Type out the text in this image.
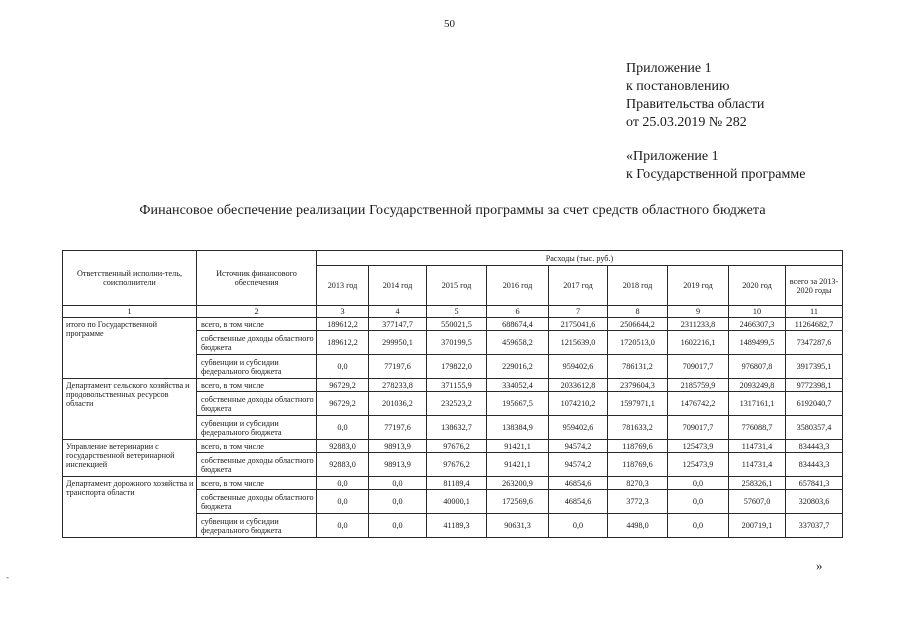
50
Приложение 1
к постановлению
Правительства области
от 25.03.2019 № 282
«Приложение 1
к Государственной программе
Финансовое обеспечение реализации Государственной программы за счет средств областного бюджета
Ответственный исполни-тель, соисполнители	Источник финансового обеспечения	Расходы (тыс. руб.)								
		2013 год	2014 год	2015 год	2016 год	2017 год	2018 год	2019 год	2020 год	всего за 2013-2020 годы
1	2	3	4	5	6	7	8	9	10	11
итого по Государственной программе	всего, в том числе	189612,2	377147,7	550021,5	688674,4	2175041,6	2506644,2	2311233,8	2466307,3	11264682,7
	собственные доходы областного бюджета	189612,2	299950,1	370199,5	459658,2	1215639,0	1720513,0	1602216,1	1489499,5	7347287,6
	субвенции и субсидии федерального бюджета	0,0	77197,6	179822,0	229016,2	959402,6	786131,2	709017,7	976807,8	3917395,1
Департамент сельского хозяйства и продовольственных ресурсов области	всего, в том числе	96729,2	278233,8	371155,9	334052,4	2033612,8	2379604,3	2185759,9	2093249,8	9772398,1
	собственные доходы областного бюджета	96729,2	201036,2	232523,2	195667,5	1074210,2	1597971,1	1476742,2	1317161,1	6192040,7
	субвенции и субсидии федерального бюджета	0,0	77197,6	138632,7	138384,9	959402,6	781633,2	709017,7	776088,7	3580357,4
Управление ветеринарии с государственной ветеринарной инспекцией	всего, в том числе	92883,0	98913,9	97676,2	91421,1	94574,2	118769,6	125473,9	114731,4	834443,3
	собственные доходы областного бюджета	92883,0	98913,9	97676,2	91421,1	94574,2	118769,6	125473,9	114731,4	834443,3
Департамент дорожного хозяйства и транспорта области	всего, в том числе	0,0	0,0	81189,4	263200,9	46854,6	8270,3	0,0	258326,1	657841,3
	собственные доходы областного бюджета	0,0	0,0	40000,1	172569,6	46854,6	3772,3	0,0	57607,0	320803,6
	субвенции и субсидии федерального бюджета	0,0	0,0	41189,3	90631,3	0,0	4498,0	0,0	200719,1	337037,7
»
-
